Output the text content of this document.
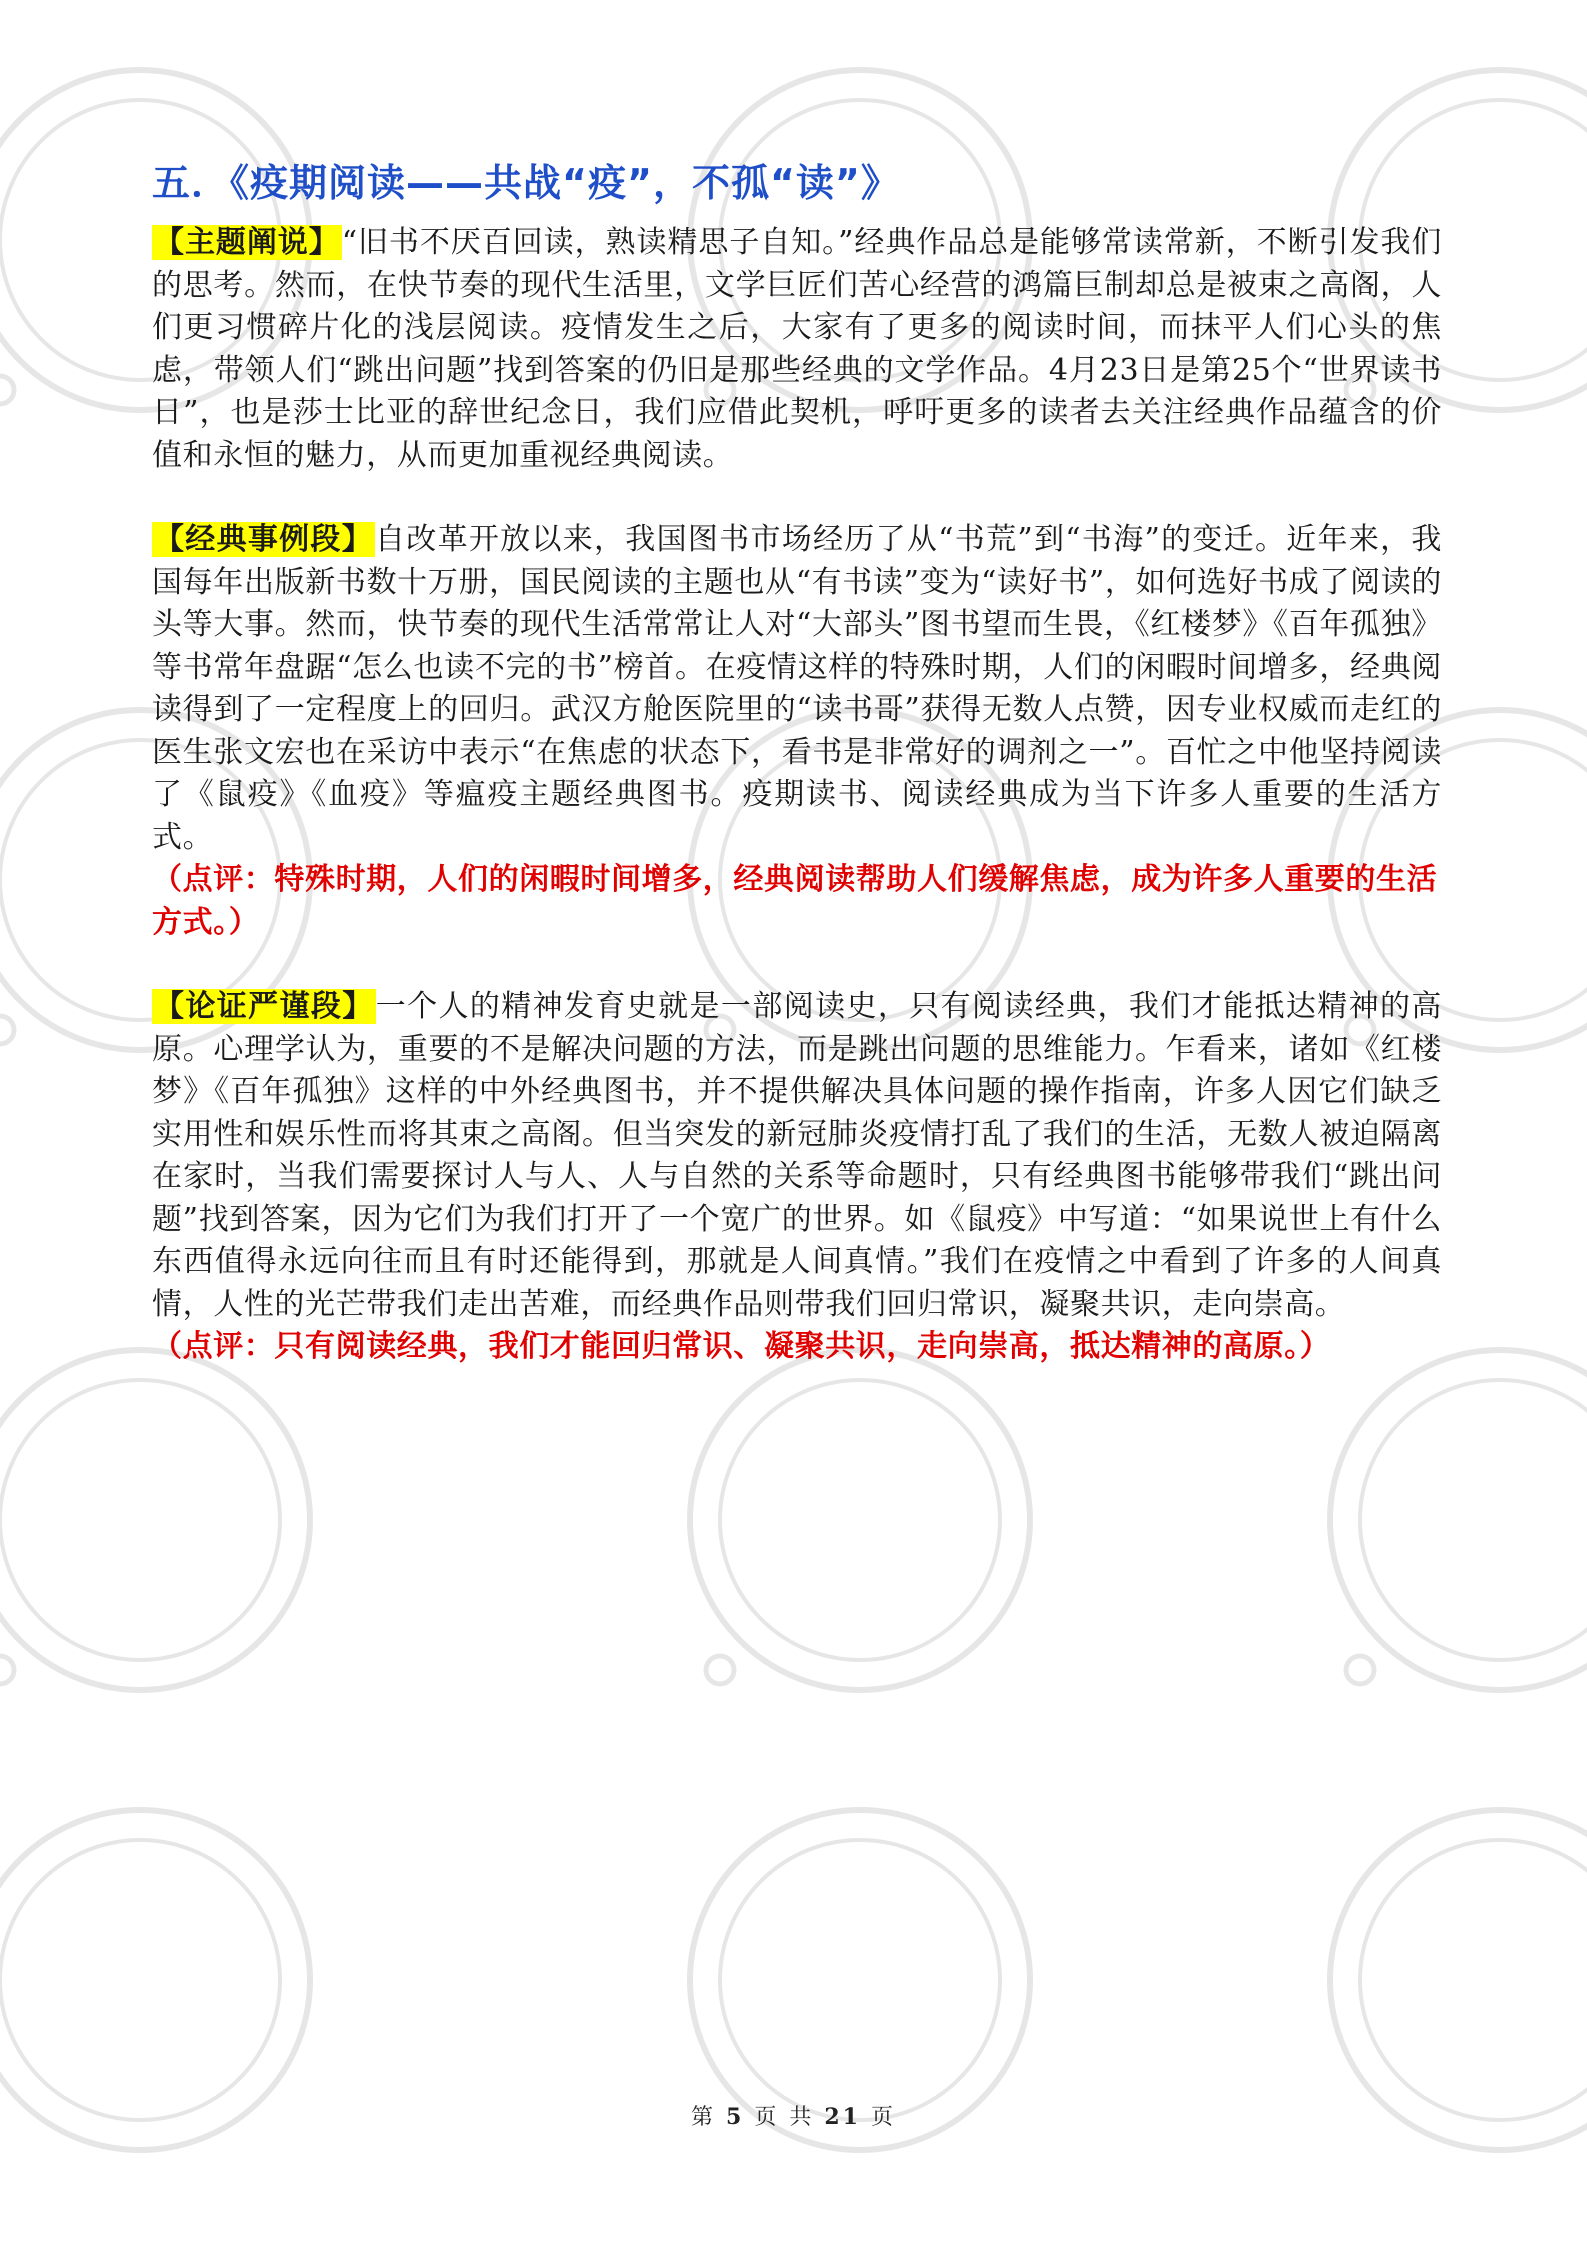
五．《疫期阅读——共战“疫”，不孤“读”》

【主题阐说】“旧书不厌百回读，熟读精思子自知。”经典作品总是能够常读常新，不断引发我们的思考。然而，在快节奏的现代生活里，文学巨匠们苦心经营的鸿篇巨制却总是被束之高阁，人们更习惯碎片化的浅层阅读。疫情发生之后，大家有了更多的阅读时间，而抹平人们心头的焦虑，带领人们“跳出问题”找到答案的仍旧是那些经典的文学作品。4月23日是第25个“世界读书日”，也是莎士比亚的辞世纪念日，我们应借此契机，呼吁更多的读者去关注经典作品蕴含的价值和永恒的魅力，从而更加重视经典阅读。

【经典事例段】自改革开放以来，我国图书市场经历了从“书荒”到“书海”的变迁。近年来，我国每年出版新书数十万册，国民阅读的主题也从“有书读”变为“读好书”，如何选好书成了阅读的头等大事。然而，快节奏的现代生活常常让人对“大部头”图书望而生畏，《红楼梦》《百年孤独》等书常年盘踞“怎么也读不完的书”榜首。在疫情这样的特殊时期，人们的闲暇时间增多，经典阅读得到了一定程度上的回归。武汉方舱医院里的“读书哥”获得无数人点赞，因专业权威而走红的医生张文宏也在采访中表示“在焦虑的状态下，看书是非常好的调剂之一”。百忙之中他坚持阅读了《鼠疫》《血疫》等瘟疫主题经典图书。疫期读书、阅读经典成为当下许多人重要的生活方式。

（点评：特殊时期，人们的闲暇时间增多，经典阅读帮助人们缓解焦虑，成为许多人重要的生活方式。）

【论证严谨段】一个人的精神发育史就是一部阅读史，只有阅读经典，我们才能抵达精神的高原。心理学认为，重要的不是解决问题的方法，而是跳出问题的思维能力。乍看来，诸如《红楼梦》《百年孤独》这样的中外经典图书，并不提供解决具体问题的操作指南，许多人因它们缺乏实用性和娱乐性而将其束之高阁。但当突发的新冠肺炎疫情打乱了我们的生活，无数人被迫隔离在家时，当我们需要探讨人与人、人与自然的关系等命题时，只有经典图书能够带我们“跳出问题”找到答案，因为它们为我们打开了一个宽广的世界。如《鼠疫》中写道：“如果说世上有什么东西值得永远向往而且有时还能得到，那就是人间真情。”我们在疫情之中看到了许多的人间真情，人性的光芒带我们走出苦难，而经典作品则带我们回归常识，凝聚共识，走向崇高。

（点评：只有阅读经典，我们才能回归常识、凝聚共识，走向崇高，抵达精神的高原。）

第 5 页 共 21 页
